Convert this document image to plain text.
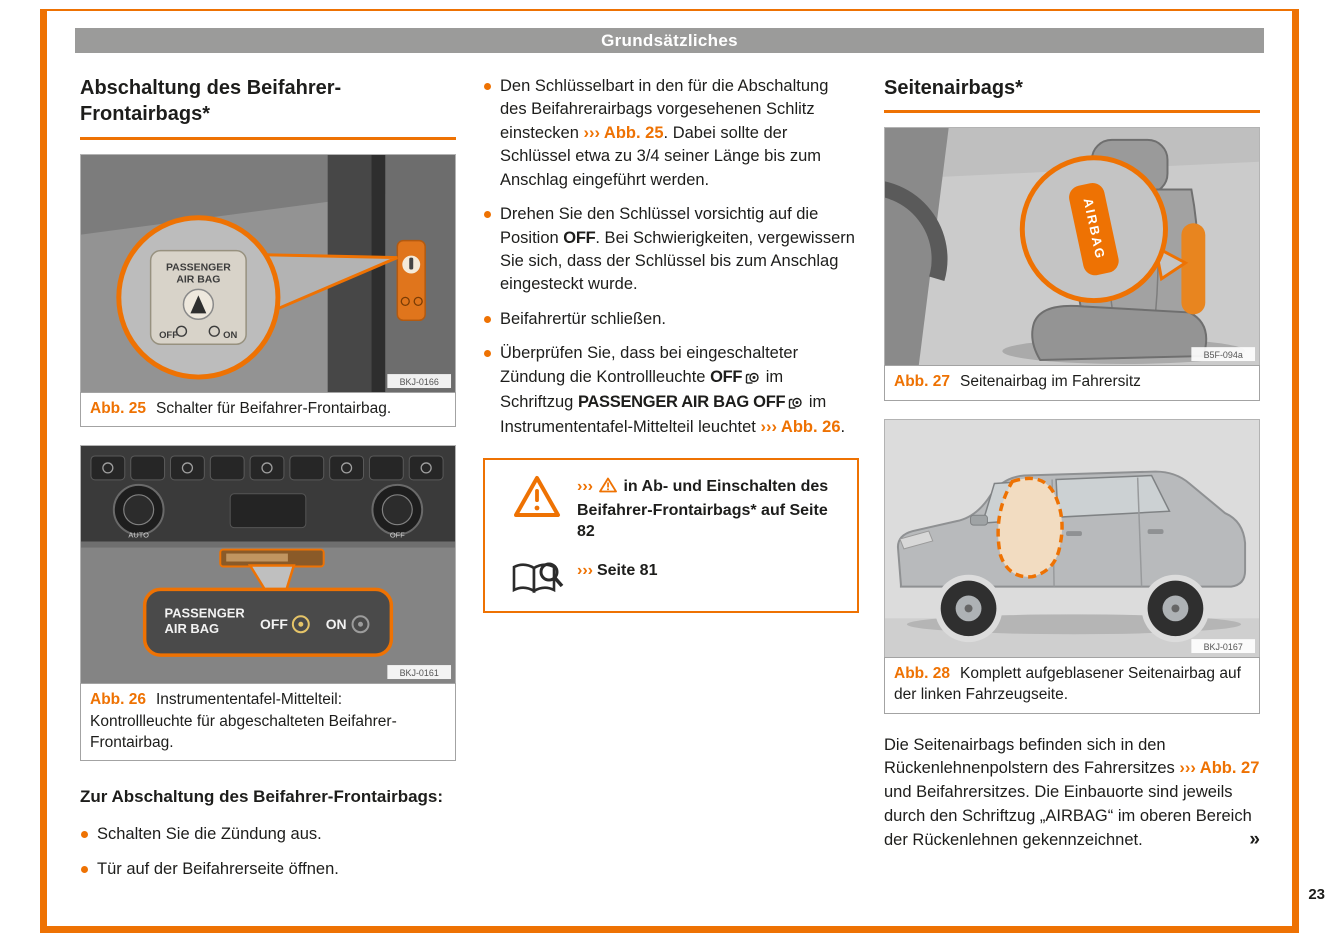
Grundsätzliches
Abschaltung des Beifahrer-Frontairbags*
PASSENGER
AIR BAG
OFF	ON
BKJ-0166
Abb. 25 Schalter für Beifahrer-Frontairbag.
AUTO	OFF
PASSENGER
AIR BAG	OFF	ON
BKJ-0161
Abb. 26 Instrumententafel-Mittelteil: Kontrollleuchte für abgeschalteten Beifahrer-Frontairbag.
Zur Abschaltung des Beifahrer-Frontairbags:
Schalten Sie die Zündung aus.
Tür auf der Beifahrerseite öffnen.
Den Schlüsselbart in den für die Abschaltung des Beifahrerairbags vorgesehenen Schlitz einstecken ››› Abb. 25. Dabei sollte der Schlüssel etwa zu 3/4 seiner Länge bis zum Anschlag eingeführt werden.
Drehen Sie den Schlüssel vorsichtig auf die Position OFF. Bei Schwierigkeiten, vergewissern Sie sich, dass der Schlüssel bis zum Anschlag eingesteckt wurde.
Beifahrertür schließen.
Überprüfen Sie, dass bei eingeschalteter Zündung die Kontrollleuchte OFF im Schriftzug PASSENGER AIR BAG OFF im Instrumententafel-Mittelteil leuchtet ››› Abb. 26.
››› in Ab- und Einschalten des Beifahrer-Frontairbags* auf Seite 82
››› Seite 81
Seitenairbags*
AIRBAG
B5F-094a
Abb. 27 Seitenairbag im Fahrersitz
BKJ-0167
Abb. 28 Komplett aufgeblasener Seitenairbag auf der linken Fahrzeugseite.
Die Seitenairbags befinden sich in den Rückenlehnenpolstern des Fahrersitzes ››› Abb. 27 und Beifahrersitzes. Die Einbauorte sind jeweils durch den Schriftzug „AIRBAG“ im oberen Bereich der Rückenlehnen gekennzeichnet.	»
23
